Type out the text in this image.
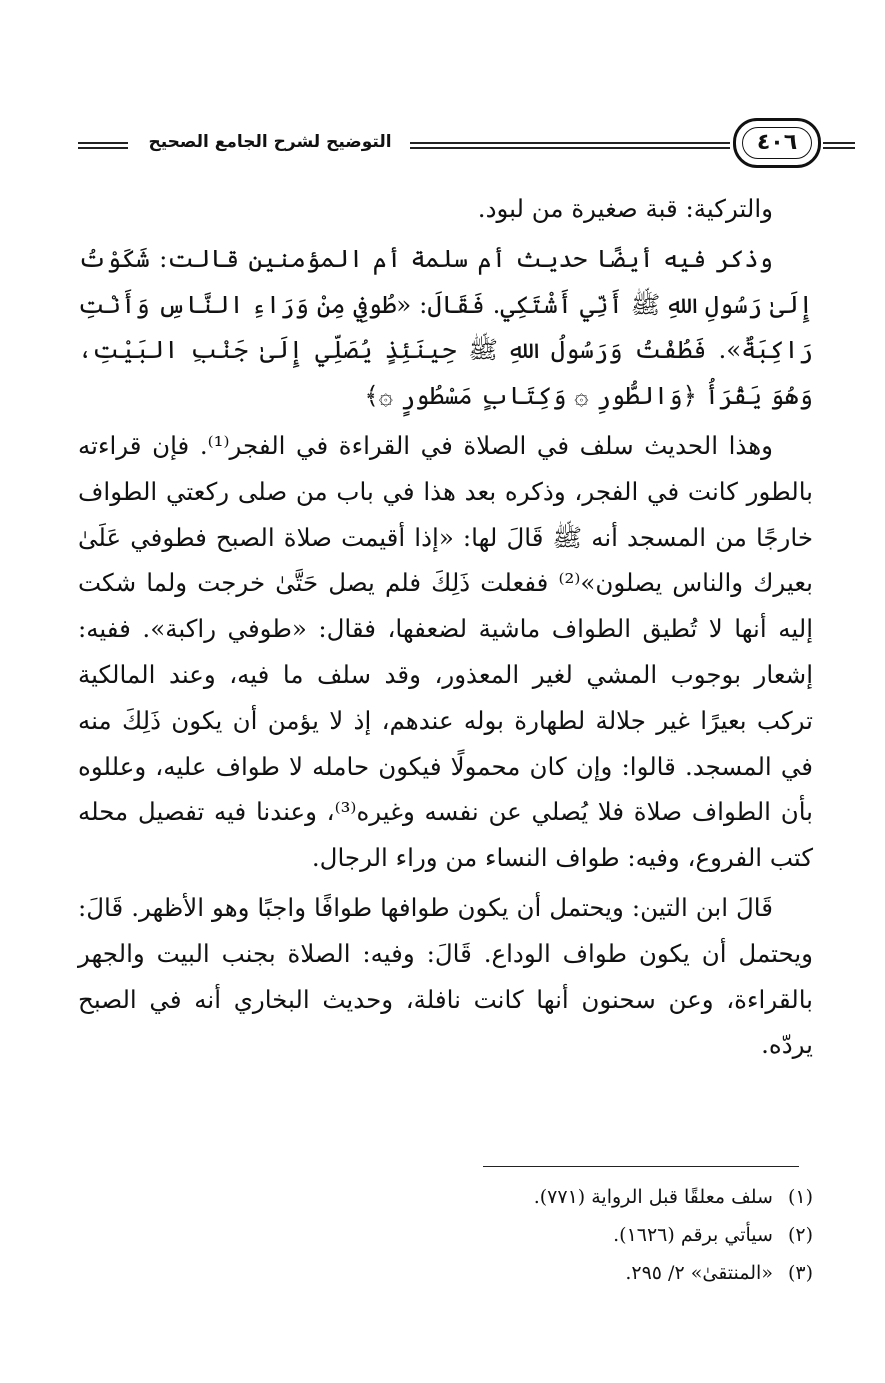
التوضيح لشرح الجامع الصحيح	٤٠٦

والتركية: قبة صغيرة من لبود.

وذكر فيه أيضًا حديث أم سلمة أم المؤمنين قالت: شَكَوْتُ إِلَىٰ رَسُولِ اللهِ ﷺ أَنِّي أَشْتَكِي. فَقَالَ: «طُوفِي مِنْ وَرَاءِ النَّاسِ وَأَنْتِ رَاكِبَةٌ». فَطُفْتُ وَرَسُولُ اللهِ ﷺ حِينَئِذٍ يُصَلِّي إِلَىٰ جَنْبِ البَيْتِ، وَهُوَ يَقْرَأُ ﴿وَالطُّورِ ۞ وَكِتَابٍ مَسْطُورٍ ۞﴾

وهذا الحديث سلف في الصلاة في القراءة في الفجر⁽¹⁾. فإن قراءته بالطور كانت في الفجر، وذكره بعد هذا في باب من صلى ركعتي الطواف خارجًا من المسجد أنه ﷺ قَالَ لها: «إذا أقيمت صلاة الصبح فطوفي عَلَىٰ بعيرك والناس يصلون»⁽²⁾ ففعلت ذَلِكَ فلم يصل حَتَّىٰ خرجت ولما شكت إليه أنها لا تُطيق الطواف ماشية لضعفها، فقال: «طوفي راكبة». ففيه: إشعار بوجوب المشي لغير المعذور، وقد سلف ما فيه، وعند المالكية تركب بعيرًا غير جلالة لطهارة بوله عندهم، إذ لا يؤمن أن يكون ذَلِكَ منه في المسجد. قالوا: وإن كان محمولًا فيكون حامله لا طواف عليه، وعللوه بأن الطواف صلاة فلا يُصلي عن نفسه وغيره⁽³⁾، وعندنا فيه تفصيل محله كتب الفروع، وفيه: طواف النساء من وراء الرجال.

قَالَ ابن التين: ويحتمل أن يكون طوافها طوافًا واجبًا وهو الأظهر. قَالَ: ويحتمل أن يكون طواف الوداع. قَالَ: وفيه: الصلاة بجنب البيت والجهر بالقراءة، وعن سحنون أنها كانت نافلة، وحديث البخاري أنه في الصبح يردّه.

(١) سلف معلقًا قبل الرواية (٧٧١).
(٢) سيأتي برقم (١٦٢٦).
(٣) «المنتقىٰ» ٢/ ٢٩٥.
